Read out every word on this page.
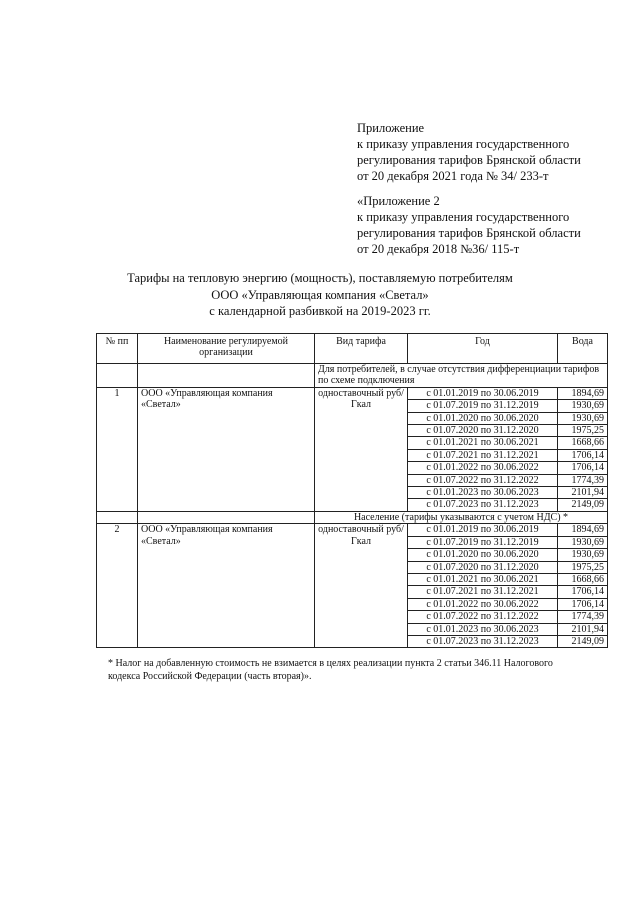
Приложение
к приказу управления государственного
регулирования тарифов Брянской области
от 20 декабря 2021 года № 34/ 233-т
«Приложение 2
к приказу управления государственного
регулирования тарифов Брянской области
от 20 декабря 2018 №36/ 115-т
Тарифы на тепловую энергию (мощность), поставляемую потребителям
ООО «Управляющая компания «Светал»
с календарной разбивкой на 2019-2023 гг.
№ пп	Наименование регулируемой организации	Вид тарифа	Год	Вода
		Для потребителей, в случае отсутствия дифференциации тарифов по схеме подключения		
1	ООО «Управляющая компания «Светал»	одноставочный руб/Гкал	с 01.01.2019 по 30.06.2019	1894,69
			с 01.07.2019 по 31.12.2019	1930,69
			с 01.01.2020 по 30.06.2020	1930,69
			с 01.07.2020 по 31.12.2020	1975,25
			с 01.01.2021 по 30.06.2021	1668,66
			с 01.07.2021 по 31.12.2021	1706,14
			с 01.01.2022 по 30.06.2022	1706,14
			с 01.07.2022 по 31.12.2022	1774,39
			с 01.01.2023 по 30.06.2023	2101,94
			с 01.07.2023 по 31.12.2023	2149,09
		Население (тарифы указываются с учетом НДС) *		
2	ООО «Управляющая компания «Светал»	одноставочный руб/Гкал	с 01.01.2019 по 30.06.2019	1894,69
			с 01.07.2019 по 31.12.2019	1930,69
			с 01.01.2020 по 30.06.2020	1930,69
			с 01.07.2020 по 31.12.2020	1975,25
			с 01.01.2021 по 30.06.2021	1668,66
			с 01.07.2021 по 31.12.2021	1706,14
			с 01.01.2022 по 30.06.2022	1706,14
			с 01.07.2022 по 31.12.2022	1774,39
			с 01.01.2023 по 30.06.2023	2101,94
			с 01.07.2023 по 31.12.2023	2149,09
* Налог на добавленную стоимость не взимается в целях реализации пункта 2 статьи 346.11 Налогового
кодекса Российской Федерации (часть вторая)».
